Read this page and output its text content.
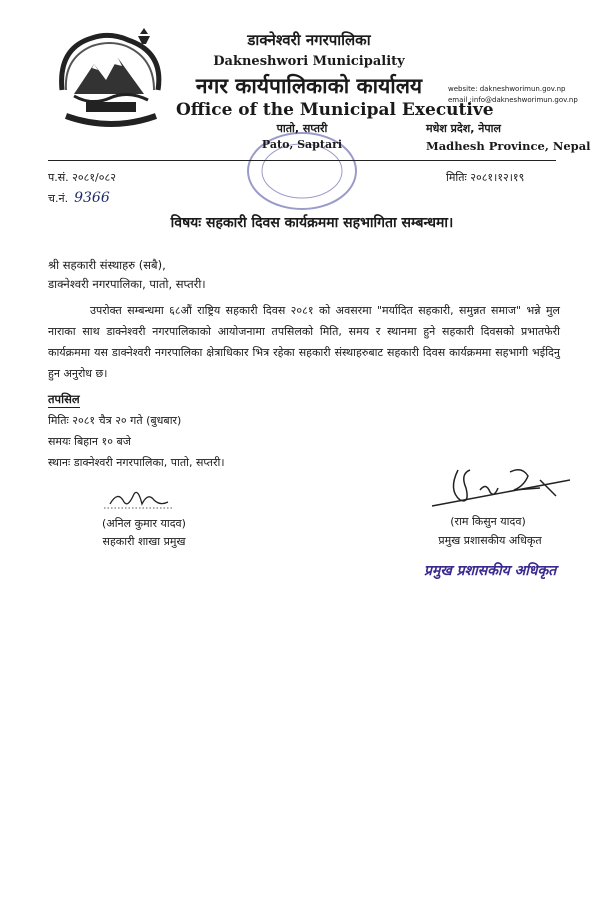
डाक्नेश्वरी नगरपालिका
Dakneshwori Municipality
नगर कार्यपालिकाको कार्यालय
Office of the Municipal Executive
website: dakneshworimun.gov.np
email :info@dakneshworimun.gov.np
पातो, सप्तरी
Pato, Saptari
मधेश प्रदेश, नेपाल
Madhesh Province, Nepal
प.सं. २०८१/०८२
च.नं. 9366
मितिः २०८१।१२।१९
विषयः सहकारी दिवस कार्यक्रममा सहभागिता सम्बन्धमा।
श्री सहकारी संस्थाहरु (सबै),
डाक्नेश्वरी नगरपालिका, पातो, सप्तरी।
उपरोक्त सम्बन्धमा ६८औं राष्ट्रिय सहकारी दिवस २०८१ को अवसरमा "मर्यादित सहकारी, समुन्नत समाज" भन्ने मुल नाराका साथ डाक्नेश्वरी नगरपालिकाको आयोजनामा तपसिलको मिति, समय र स्थानमा हुने सहकारी दिवसको प्रभातफेरी कार्यक्रममा यस डाक्नेश्वरी नगरपालिका क्षेत्राधिकार भित्र रहेका सहकारी संस्थाहरुबाट सहकारी दिवस कार्यक्रममा सहभागी भईदिनु हुन अनुरोध छ।
तपसिल
मितिः २०८१ चैत्र २० गते (बुधबार)
समयः बिहान १० बजे
स्थानः डाक्नेश्वरी नगरपालिका, पातो, सप्तरी।
(अनिल कुमार यादव)
सहकारी शाखा प्रमुख
(राम किसुन यादव)
प्रमुख प्रशासकीय अधिकृत
प्रमुख प्रशासकीय अधिकृत
